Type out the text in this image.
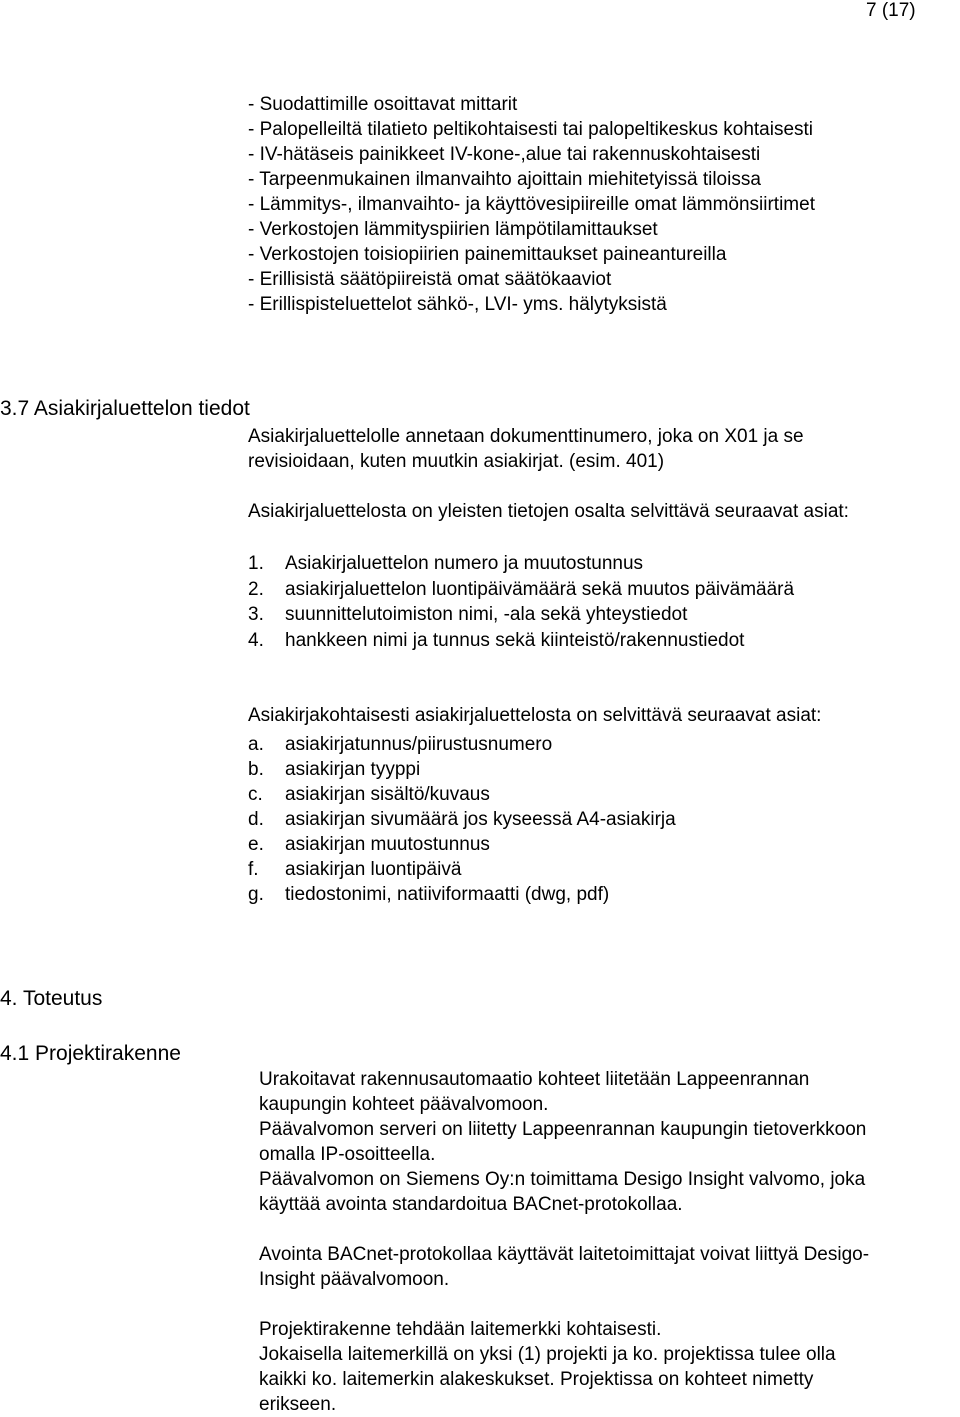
7 (17)
- Suodattimille osoittavat mittarit
- Palopelleiltä tilatieto peltikohtaisesti tai palopeltikeskus kohtaisesti
- IV-hätäseis painikkeet IV-kone-,alue tai rakennuskohtaisesti
- Tarpeenmukainen ilmanvaihto ajoittain miehitetyissä tiloissa
- Lämmitys-, ilmanvaihto- ja käyttövesipiireille omat lämmönsiirtimet
- Verkostojen lämmityspiirien lämpötilamittaukset
- Verkostojen toisiopiirien painemittaukset paineantureilla
- Erillisistä säätöpiireistä omat säätökaaviot
- Erillispisteluettelot sähkö-, LVI- yms. hälytyksistä
3.7 Asiakirjaluettelon tiedot
Asiakirjaluettelolle annetaan dokumenttinumero, joka on X01 ja se
revisioidaan, kuten muutkin asiakirjat. (esim. 401)
Asiakirjaluettelosta on yleisten tietojen osalta selvittävä seuraavat asiat:
1.	Asiakirjaluettelon numero ja muutostunnus
2.	asiakirjaluettelon luontipäivämäärä sekä muutos päivämäärä
3.	suunnittelutoimiston nimi, -ala sekä yhteystiedot
4.	hankkeen nimi ja tunnus sekä kiinteistö/rakennustiedot
Asiakirjakohtaisesti asiakirjaluettelosta on selvittävä seuraavat asiat:
a.	asiakirjatunnus/piirustusnumero
b.	asiakirjan tyyppi
c.	asiakirjan sisältö/kuvaus
d.	asiakirjan sivumäärä jos kyseessä A4-asiakirja
e.	asiakirjan muutostunnus
f.	asiakirjan luontipäivä
g.	tiedostonimi, natiiviformaatti (dwg, pdf)
4. Toteutus
4.1 Projektirakenne
Urakoitavat rakennusautomaatio kohteet liitetään Lappeenrannan
kaupungin kohteet päävalvomoon.
Päävalvomon serveri on liitetty Lappeenrannan kaupungin tietoverkkoon
omalla IP-osoitteella.
Päävalvomon on Siemens Oy:n toimittama Desigo Insight valvomo, joka
käyttää avointa standardoitua BACnet-protokollaa.
Avointa BACnet-protokollaa käyttävät laitetoimittajat voivat liittyä Desigo-
Insight päävalvomoon.
Projektirakenne tehdään laitemerkki kohtaisesti.
Jokaisella laitemerkillä on yksi (1) projekti ja ko. projektissa tulee olla
kaikki ko. laitemerkin alakeskukset. Projektissa on kohteet nimetty
erikseen.
